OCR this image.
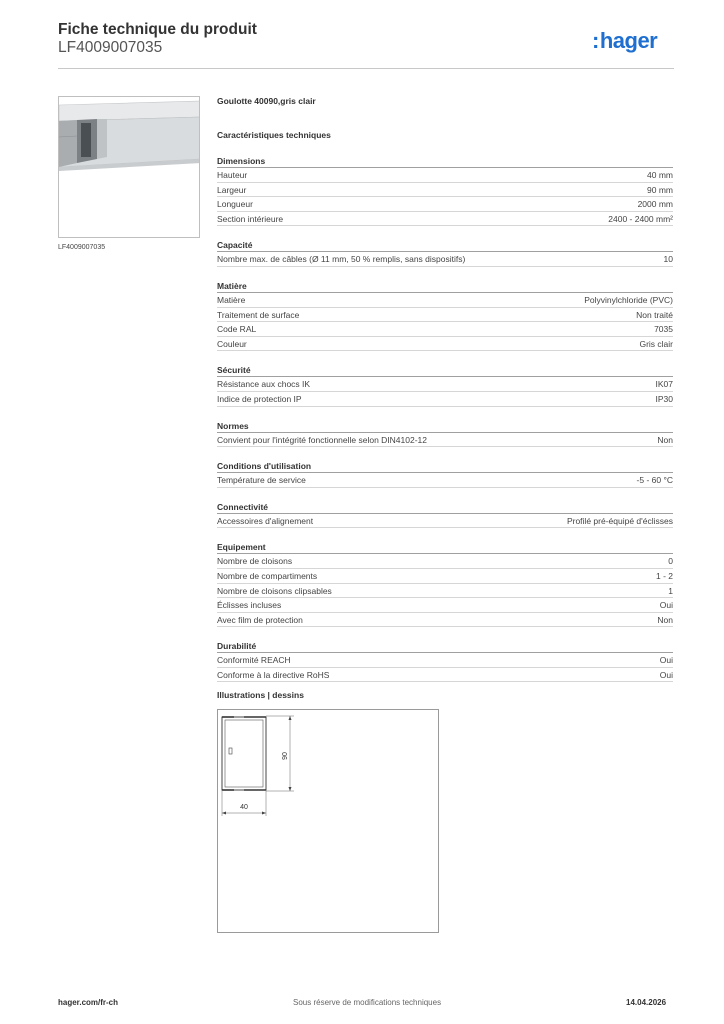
Fiche technique du produit
LF4009007035	:hager
LF4009007035
Goulotte 40090,gris clair
Caractéristiques techniques
Dimensions
Hauteur	40 mm
Largeur	90 mm
Longueur	2000 mm
Section intérieure	2400 - 2400 mm²
Capacité
Nombre max. de câbles (Ø 11 mm, 50 % remplis, sans dispositifs)	10
Matière
Matière	Polyvinylchloride (PVC)
Traitement de surface	Non traité
Code RAL	7035
Couleur	Gris clair
Sécurité
Résistance aux chocs IK	IK07
Indice de protection IP	IP30
Normes
Convient pour l'intégrité fonctionnelle selon DIN4102-12	Non
Conditions d'utilisation
Température de service	-5 - 60 °C
Connectivité
Accessoires d'alignement	Profilé pré-équipé d'éclisses
Equipement
Nombre de cloisons	0
Nombre de compartiments	1 - 2
Nombre de cloisons clipsables	1
Éclisses incluses	Oui
Avec film de protection	Non
Durabilité
Conformité REACH	Oui
Conforme à la directive RoHS	Oui
Illustrations | dessins
90
40
hager.com/fr-ch	Sous réserve de modifications techniques	14.04.2026
